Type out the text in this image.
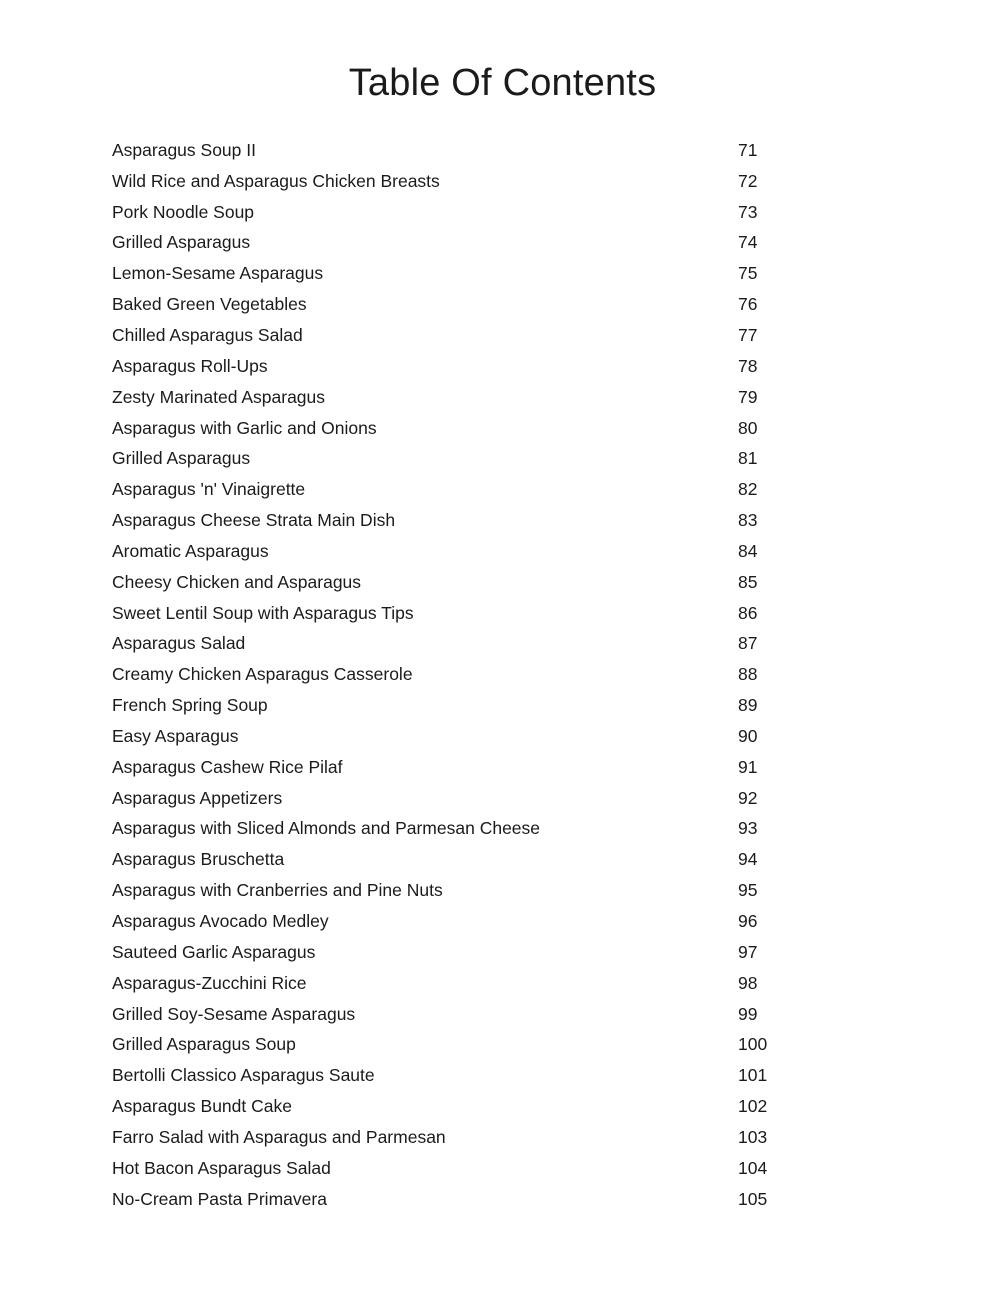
Table Of Contents
Asparagus Soup II	71
Wild Rice and Asparagus Chicken Breasts	72
Pork Noodle Soup	73
Grilled Asparagus	74
Lemon-Sesame Asparagus	75
Baked Green Vegetables	76
Chilled Asparagus Salad	77
Asparagus Roll-Ups	78
Zesty Marinated Asparagus	79
Asparagus with Garlic and Onions	80
Grilled Asparagus	81
Asparagus 'n' Vinaigrette	82
Asparagus Cheese Strata Main Dish	83
Aromatic Asparagus	84
Cheesy Chicken and Asparagus	85
Sweet Lentil Soup with Asparagus Tips	86
Asparagus Salad	87
Creamy Chicken Asparagus Casserole	88
French Spring Soup	89
Easy Asparagus	90
Asparagus Cashew Rice Pilaf	91
Asparagus Appetizers	92
Asparagus with Sliced Almonds and Parmesan Cheese	93
Asparagus Bruschetta	94
Asparagus with Cranberries and Pine Nuts	95
Asparagus Avocado Medley	96
Sauteed Garlic Asparagus	97
Asparagus-Zucchini Rice	98
Grilled Soy-Sesame Asparagus	99
Grilled Asparagus Soup	100
Bertolli Classico Asparagus Saute	101
Asparagus Bundt Cake	102
Farro Salad with Asparagus and Parmesan	103
Hot Bacon Asparagus Salad	104
No-Cream Pasta Primavera	105
